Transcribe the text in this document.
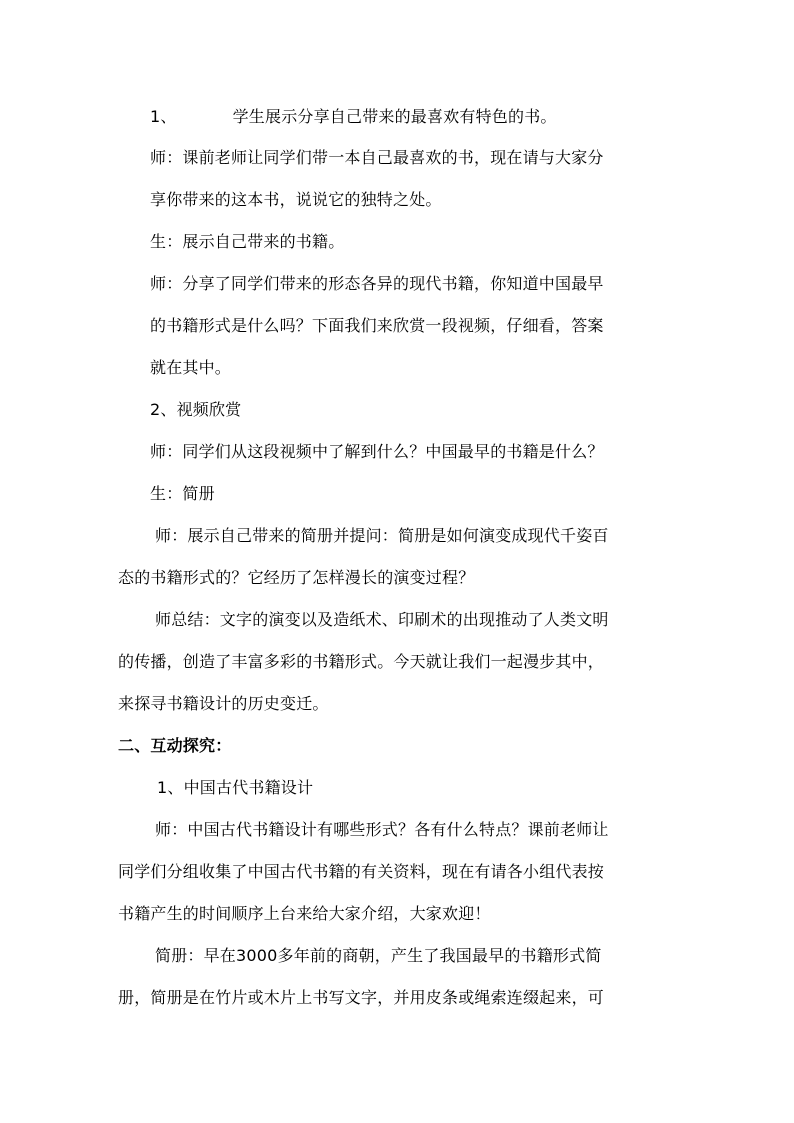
1、	学生展示分享自己带来的最喜欢有特色的书。
师：课前老师让同学们带一本自己最喜欢的书，现在请与大家分
享你带来的这本书，说说它的独特之处。
生：展示自己带来的书籍。
师：分享了同学们带来的形态各异的现代书籍，你知道中国最早
的书籍形式是什么吗？下面我们来欣赏一段视频，仔细看，答案
就在其中。
2、视频欣赏
师：同学们从这段视频中了解到什么？中国最早的书籍是什么？
生：简册
师：展示自己带来的简册并提问：简册是如何演变成现代千姿百
态的书籍形式的？它经历了怎样漫长的演变过程？
师总结：文字的演变以及造纸术、印刷术的出现推动了人类文明
的传播，创造了丰富多彩的书籍形式。今天就让我们一起漫步其中，
来探寻书籍设计的历史变迁。
二、互动探究：
1、中国古代书籍设计
师：中国古代书籍设计有哪些形式？各有什么特点？课前老师让
同学们分组收集了中国古代书籍的有关资料，现在有请各小组代表按
书籍产生的时间顺序上台来给大家介绍，大家欢迎！
简册：早在3000多年前的商朝，产生了我国最早的书籍形式简
册，简册是在竹片或木片上书写文字，并用皮条或绳索连缀起来，可
